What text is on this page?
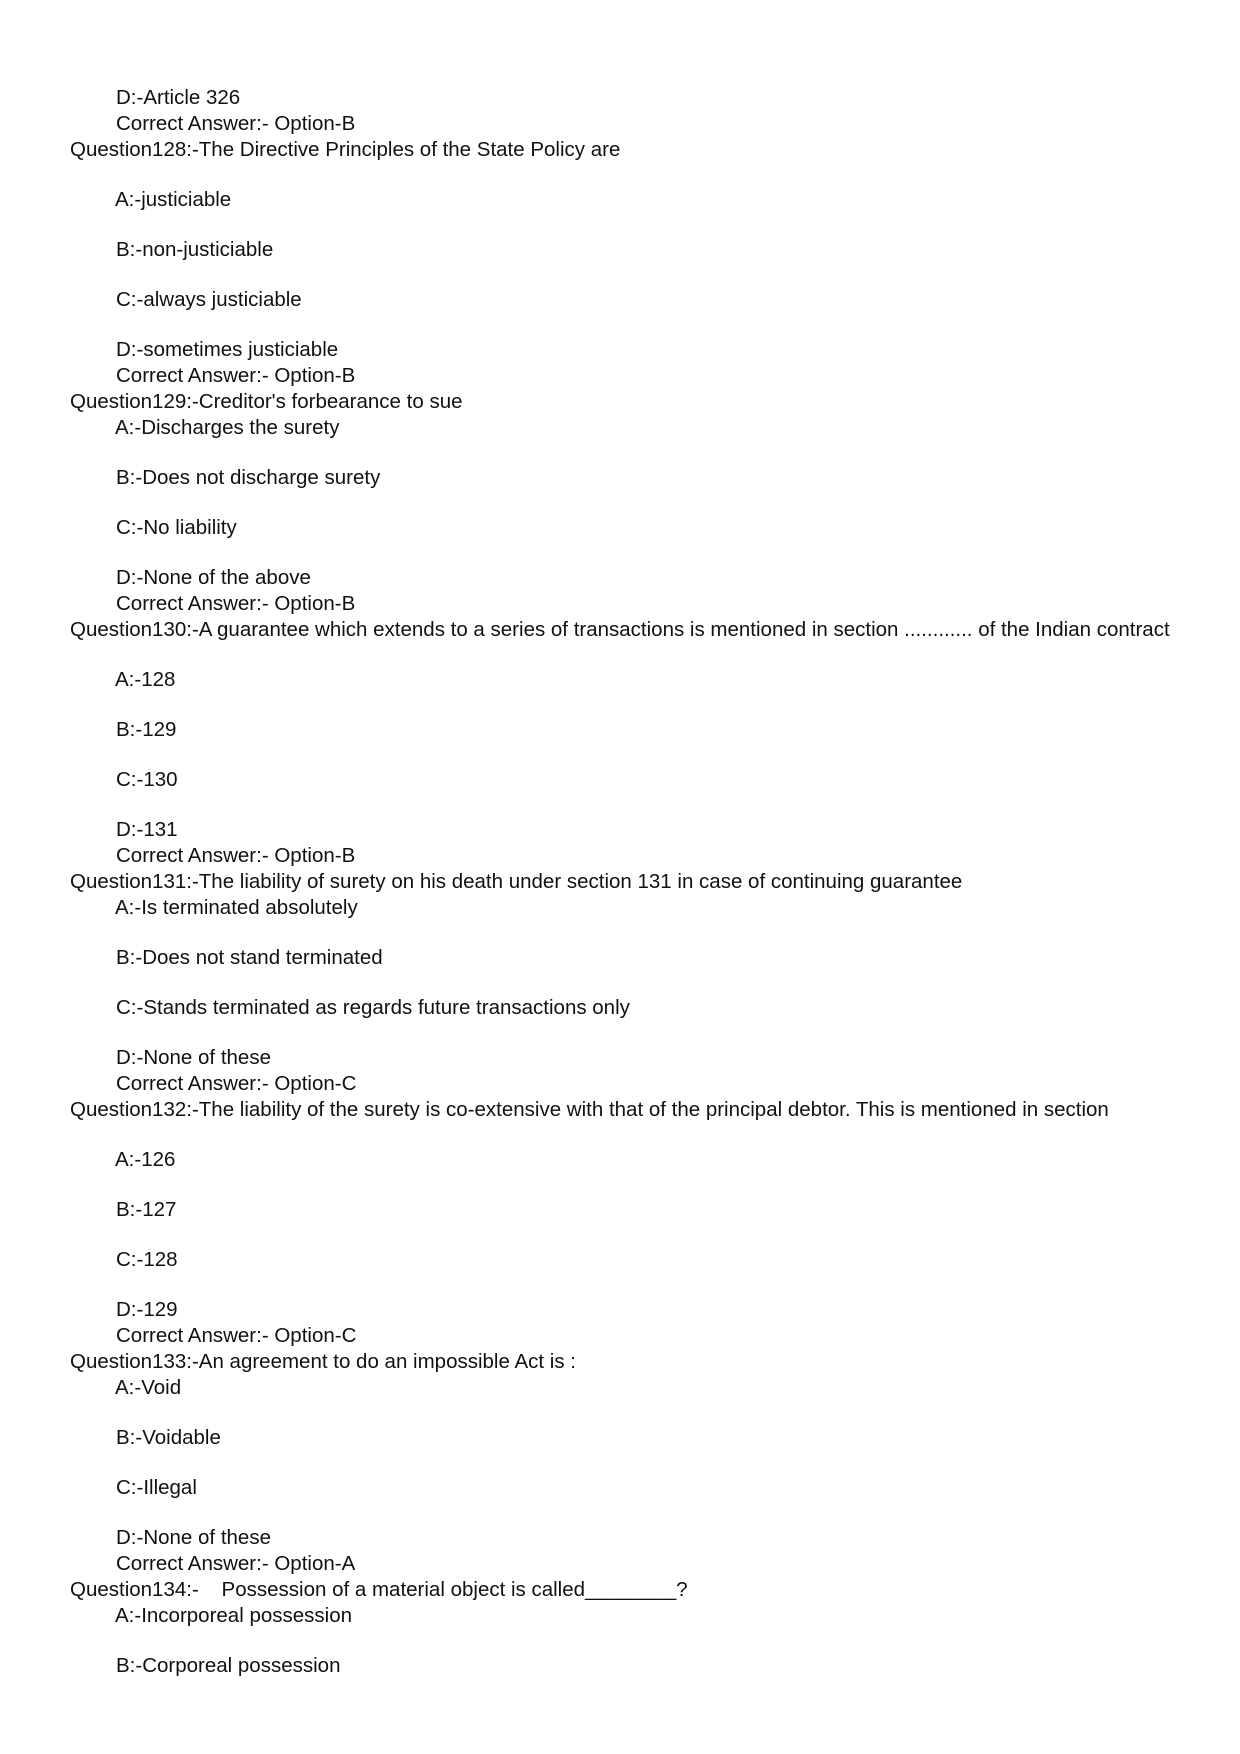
D:-Article 326
Correct Answer:- Option-B
Question128:-The Directive Principles of the State Policy are
A:-justiciable
B:-non-justiciable
C:-always justiciable
D:-sometimes justiciable
Correct Answer:- Option-B
Question129:-Creditor's forbearance to sue
A:-Discharges the surety
B:-Does not discharge surety
C:-No liability
D:-None of the above
Correct Answer:- Option-B
Question130:-A guarantee which extends to a series of transactions is mentioned in section ............ of the Indian contract
A:-128
B:-129
C:-130
D:-131
Correct Answer:- Option-B
Question131:-The liability of surety on his death under section 131 in case of continuing guarantee
A:-Is terminated absolutely
B:-Does not stand terminated
C:-Stands terminated as regards future transactions only
D:-None of these
Correct Answer:- Option-C
Question132:-The liability of the surety is co-extensive with that of the principal debtor. This is mentioned in section
A:-126
B:-127
C:-128
D:-129
Correct Answer:- Option-C
Question133:-An agreement to do an impossible Act is :
A:-Void
B:-Voidable
C:-Illegal
D:-None of these
Correct Answer:- Option-A
Question134:-    Possession of a material object is called________?
A:-Incorporeal possession
B:-Corporeal possession
